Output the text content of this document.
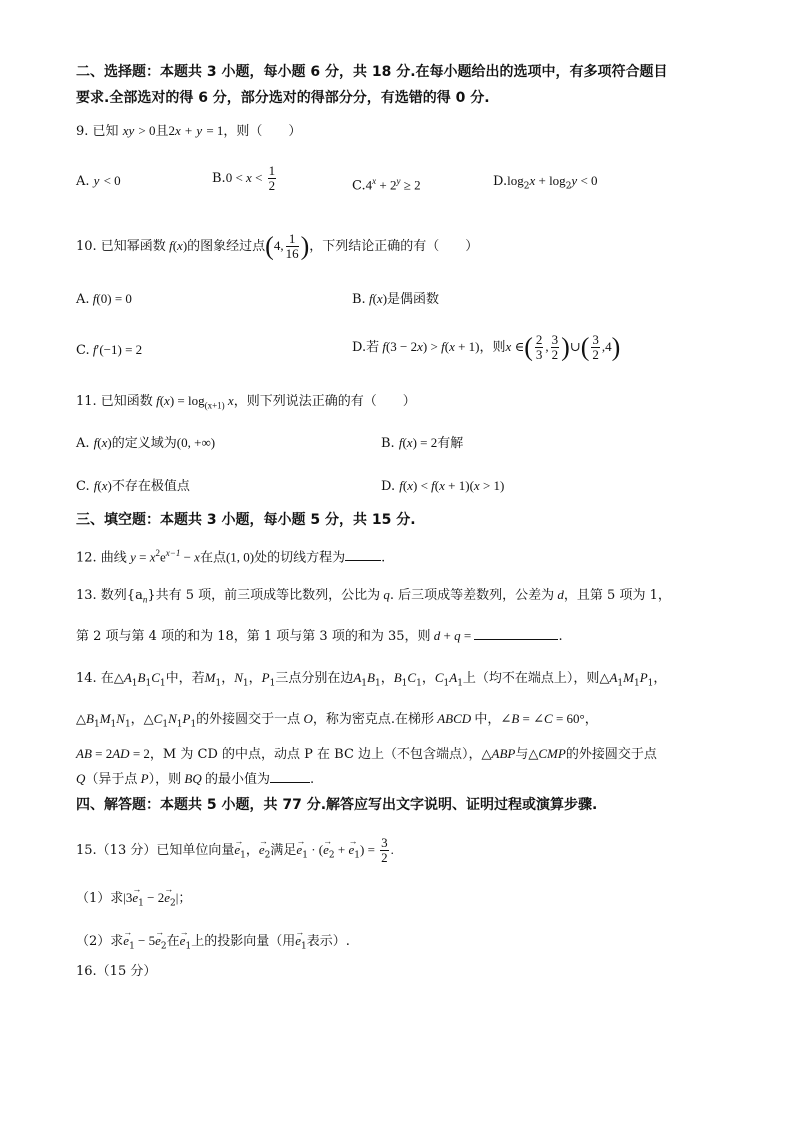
二、选择题：本题共 3 小题，每小题 6 分，共 18 分.在每小题给出的选项中，有多项符合题目
要求.全部选对的得 6 分，部分选对的得部分分，有选错的得 0 分.
9. 已知 xy > 0且2x + y = 1，则（　　）
A. y < 0	$B.0 < x < \frac{1}{2}$	$C.4^x + 2^y \ge 2$	$D.\log_2x + \log_2y < 0$
10. 已知幂函数 f(x)的图象经过点(4, $\frac{1}{16}$ )，下列结论正确的有（　　）
A. f(0) = 0	B. f(x)是偶函数
C. f′(−1) = 2	D.若 f(3 − 2x) > f(x + 1)，则x ∈( $\frac{2}{3}$ , $\frac{3}{2}$ )∪( $\frac{3}{2} ,4$)
11. 已知函数 $f(x) = \log_{(x+1)} x$，则下列说法正确的有（　　）
A. f(x)的定义域为(0, +∞)	B. f(x) = 2有解
C. f(x)不存在极值点	D. f(x) < f(x + 1)(x > 1)
三、填空题：本题共 3 小题，每小题 5 分，共 15 分.
12. 曲线 $y = x^2e^{x-1} - x$在点(1, 0)处的切线方程为	.
13. 数列$\{a_n\}$共有 5 项，前三项成等比数列，公比为 q. 后三项成等差数列，公差为 d，且第 5 项为 1，
第 2 项与第 4 项的和为 18，第 1 项与第 3 项的和为 35，则 d + q =	.
14. 在$\triangle A_1B_1C_1$中，若$M_1$，$N_1$，$P_1$三点分别在边$A_1B_1$，$B_1C_1$，$C_1A_1$上（均不在端点上），则$\triangle A_1M_1P_1$，
$\triangle B_1M_1N_1$，$\triangle C_1N_1P_1$的外接圆交于一点 O，称为密克点.在梯形 ABCD 中，∠B = ∠C = 60°，
AB = 2AD = 2，M 为 CD 的中点，动点 P 在 BC 边上（不包含端点），△ABP与△CMP的外接圆交于点
Q（异于点 P），则 BQ 的最小值为	.
四、解答题：本题共 5 小题，共 77 分.解答应写出文字说明、证明过程或演算步骤.
15.（13 分）已知单位向量→ $e_1$，→ $e_2$满足→ $e_1$ · (→ $e_2$ + → $e_1) = \frac{3}{2}$ .
（1）求$|3\to e_1 - 2\to e_2|$；
（2）求→ $e_1 - 5\to e_2$在→ $e_1$上的投影向量（用→ $e_1$表示）.
16.（15 分）
